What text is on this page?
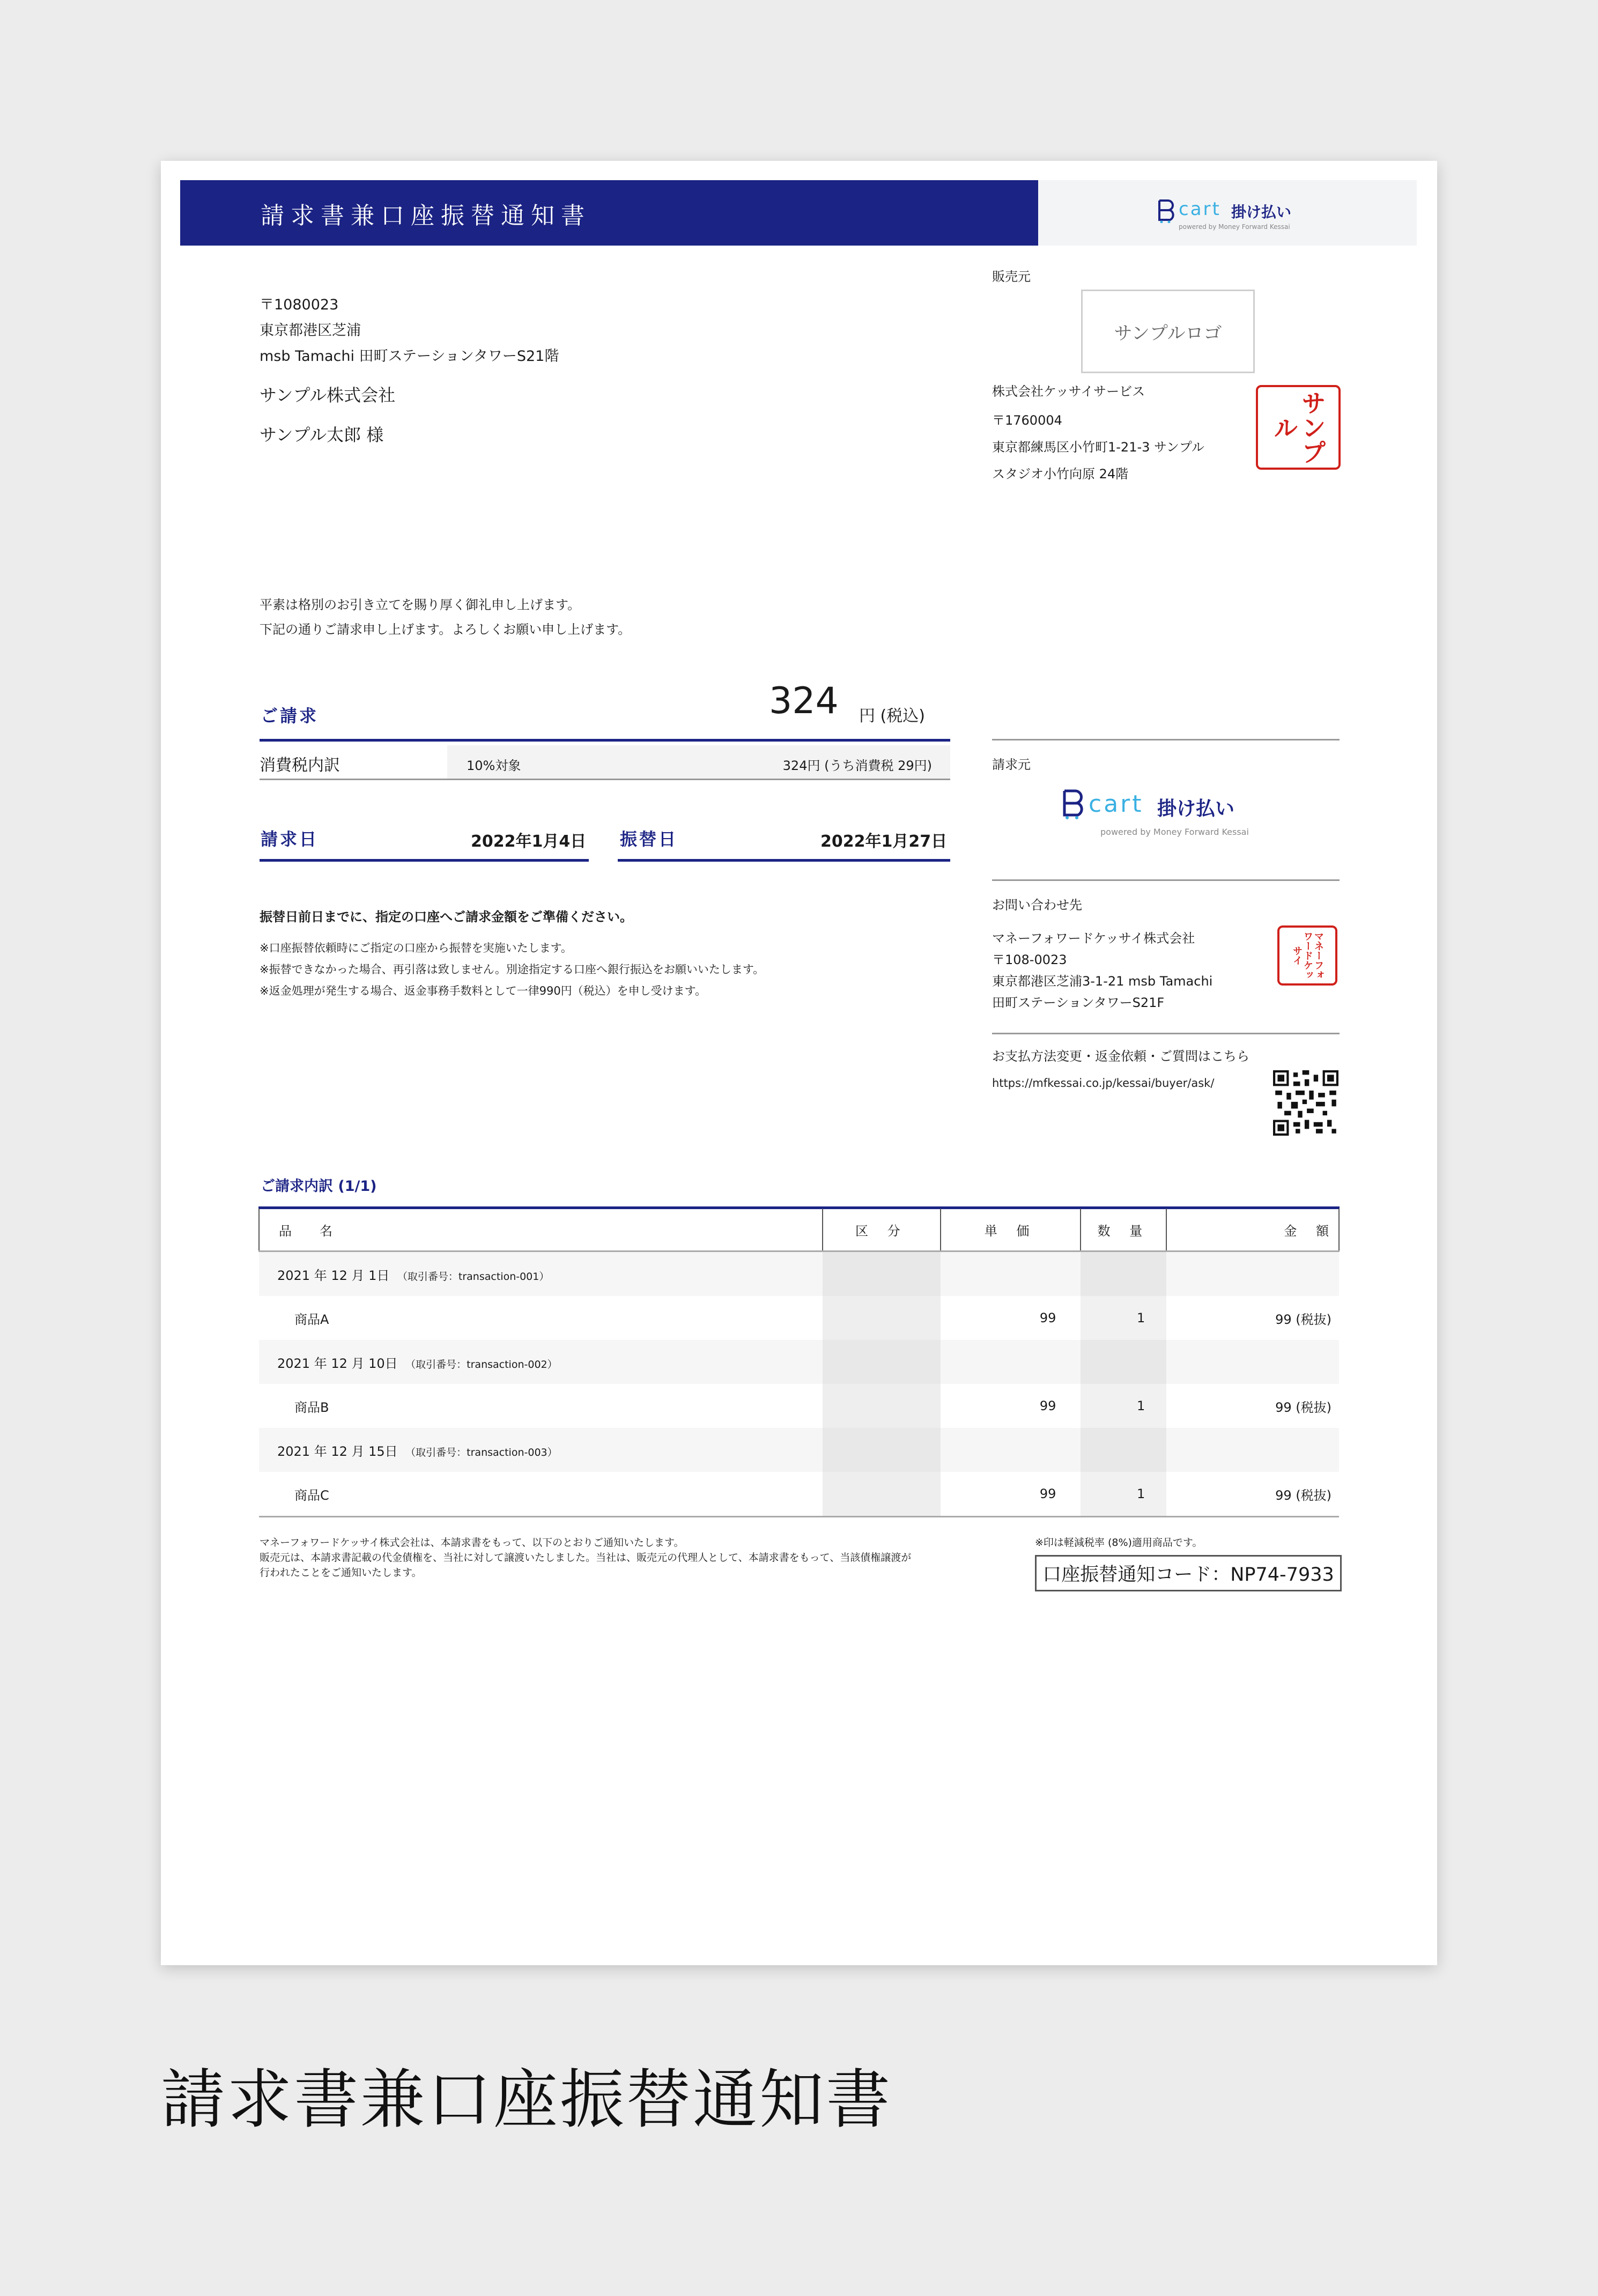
請求書兼口座振替通知書	cart 掛け払い
powered by Money Forward Kessai
〒1080023
東京都港区芝浦
msb Tamachi 田町ステーションタワーS21階
サンプル株式会社
サンプル太郎 様
販売元
サンプルロゴ
株式会社ケッサイサービス
〒1760004
東京都練馬区小竹町1-21-3 サンプル
スタジオ小竹向原 24階
サンプル
平素は格別のお引き立てを賜り厚く御礼申し上げます。
下記の通りご請求申し上げます。よろしくお願い申し上げます。
ご請求	324 円 (税込)
消費税内訳	10%対象	324円 (うち消費税 29円)
請求日	2022年1月4日 振替日	2022年1月27日
振替日前日までに、指定の口座へご請求金額をご準備ください。
※口座振替依頼時にご指定の口座から振替を実施いたします。
※振替できなかった場合、再引落は致しません。別途指定する口座へ銀行振込をお願いいたします。
※返金処理が発生する場合、返金事務手数料として一律990円（税込）を申し受けます。
請求元
cart 掛け払い
powered by Money Forward Kessai
お問い合わせ先
マネーフォワードケッサイ株式会社
〒108-0023
東京都港区芝浦3-1-21 msb Tamachi
田町ステーションタワーS21F
マネーフォワードケッサイ
お支払方法変更・返金依頼・ご質問はこちら
https://mfkessai.co.jp/kessai/buyer/ask/
ご請求内訳 (1/1)
品　名	区 分	単 価	数 量	金 額
2021 年 12 月 1日　 （取引番号：transaction-001）				
商品A		99	1	99 (税抜)
2021 年 12 月 10日　 （取引番号：transaction-002）				
商品B		99	1	99 (税抜)
2021 年 12 月 15日　 （取引番号：transaction-003）				
商品C		99	1	99 (税抜)
マネーフォワードケッサイ株式会社は、本請求書をもって、以下のとおりご通知いたします。
販売元は、本請求書記載の代金債権を、当社に対して譲渡いたしました。当社は、販売元の代理人として、本請求書をもって、当該債権譲渡が
行われたことをご通知いたします。
※印は軽減税率 (8%)適用商品です。
口座振替通知コード：NP74-7933
請求書兼口座振替通知書
